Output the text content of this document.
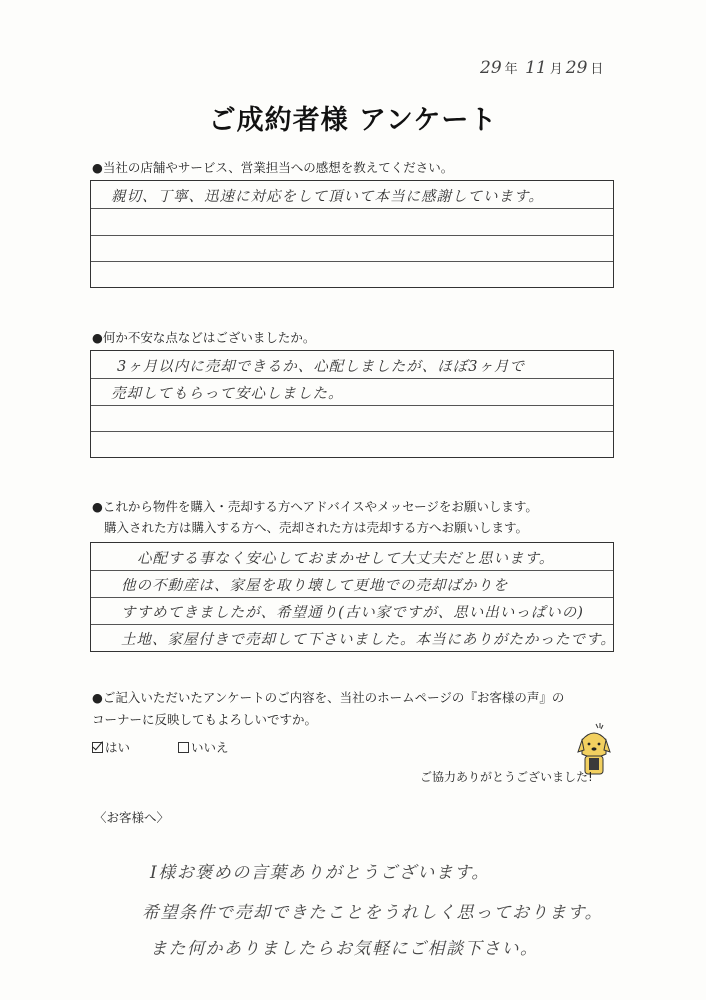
29 年 11 月 29 日
ご成約者様 アンケート
●当社の店舗やサービス、営業担当への感想を教えてください。
親切、丁寧、迅速に対応をして頂いて本当に感謝しています。
●何か不安な点などはございましたか。
3ヶ月以内に売却できるか、心配しましたが、ほぼ3ヶ月で
売却してもらって安心しました。
●これから物件を購入・売却する方へアドバイスやメッセージをお願いします。
購入された方は購入する方へ、売却された方は売却する方へお願いします。
心配する事なく安心しておまかせして大丈夫だと思います。
他の不動産は、家屋を取り壊して更地での売却ばかりを
すすめてきましたが、希望通り(古い家ですが、思い出いっぱいの)
土地、家屋付きで売却して下さいました。本当にありがたかったです。
●ご記入いただいたアンケートのご内容を、当社のホームページの『お客様の声』の
コーナーに反映してもよろしいですか。
はい	いいえ
ご協力ありがとうございました!
〈お客様へ〉
I様お褒めの言葉ありがとうございます。
希望条件で売却できたことをうれしく思っております。
また何かありましたらお気軽にご相談下さい。
